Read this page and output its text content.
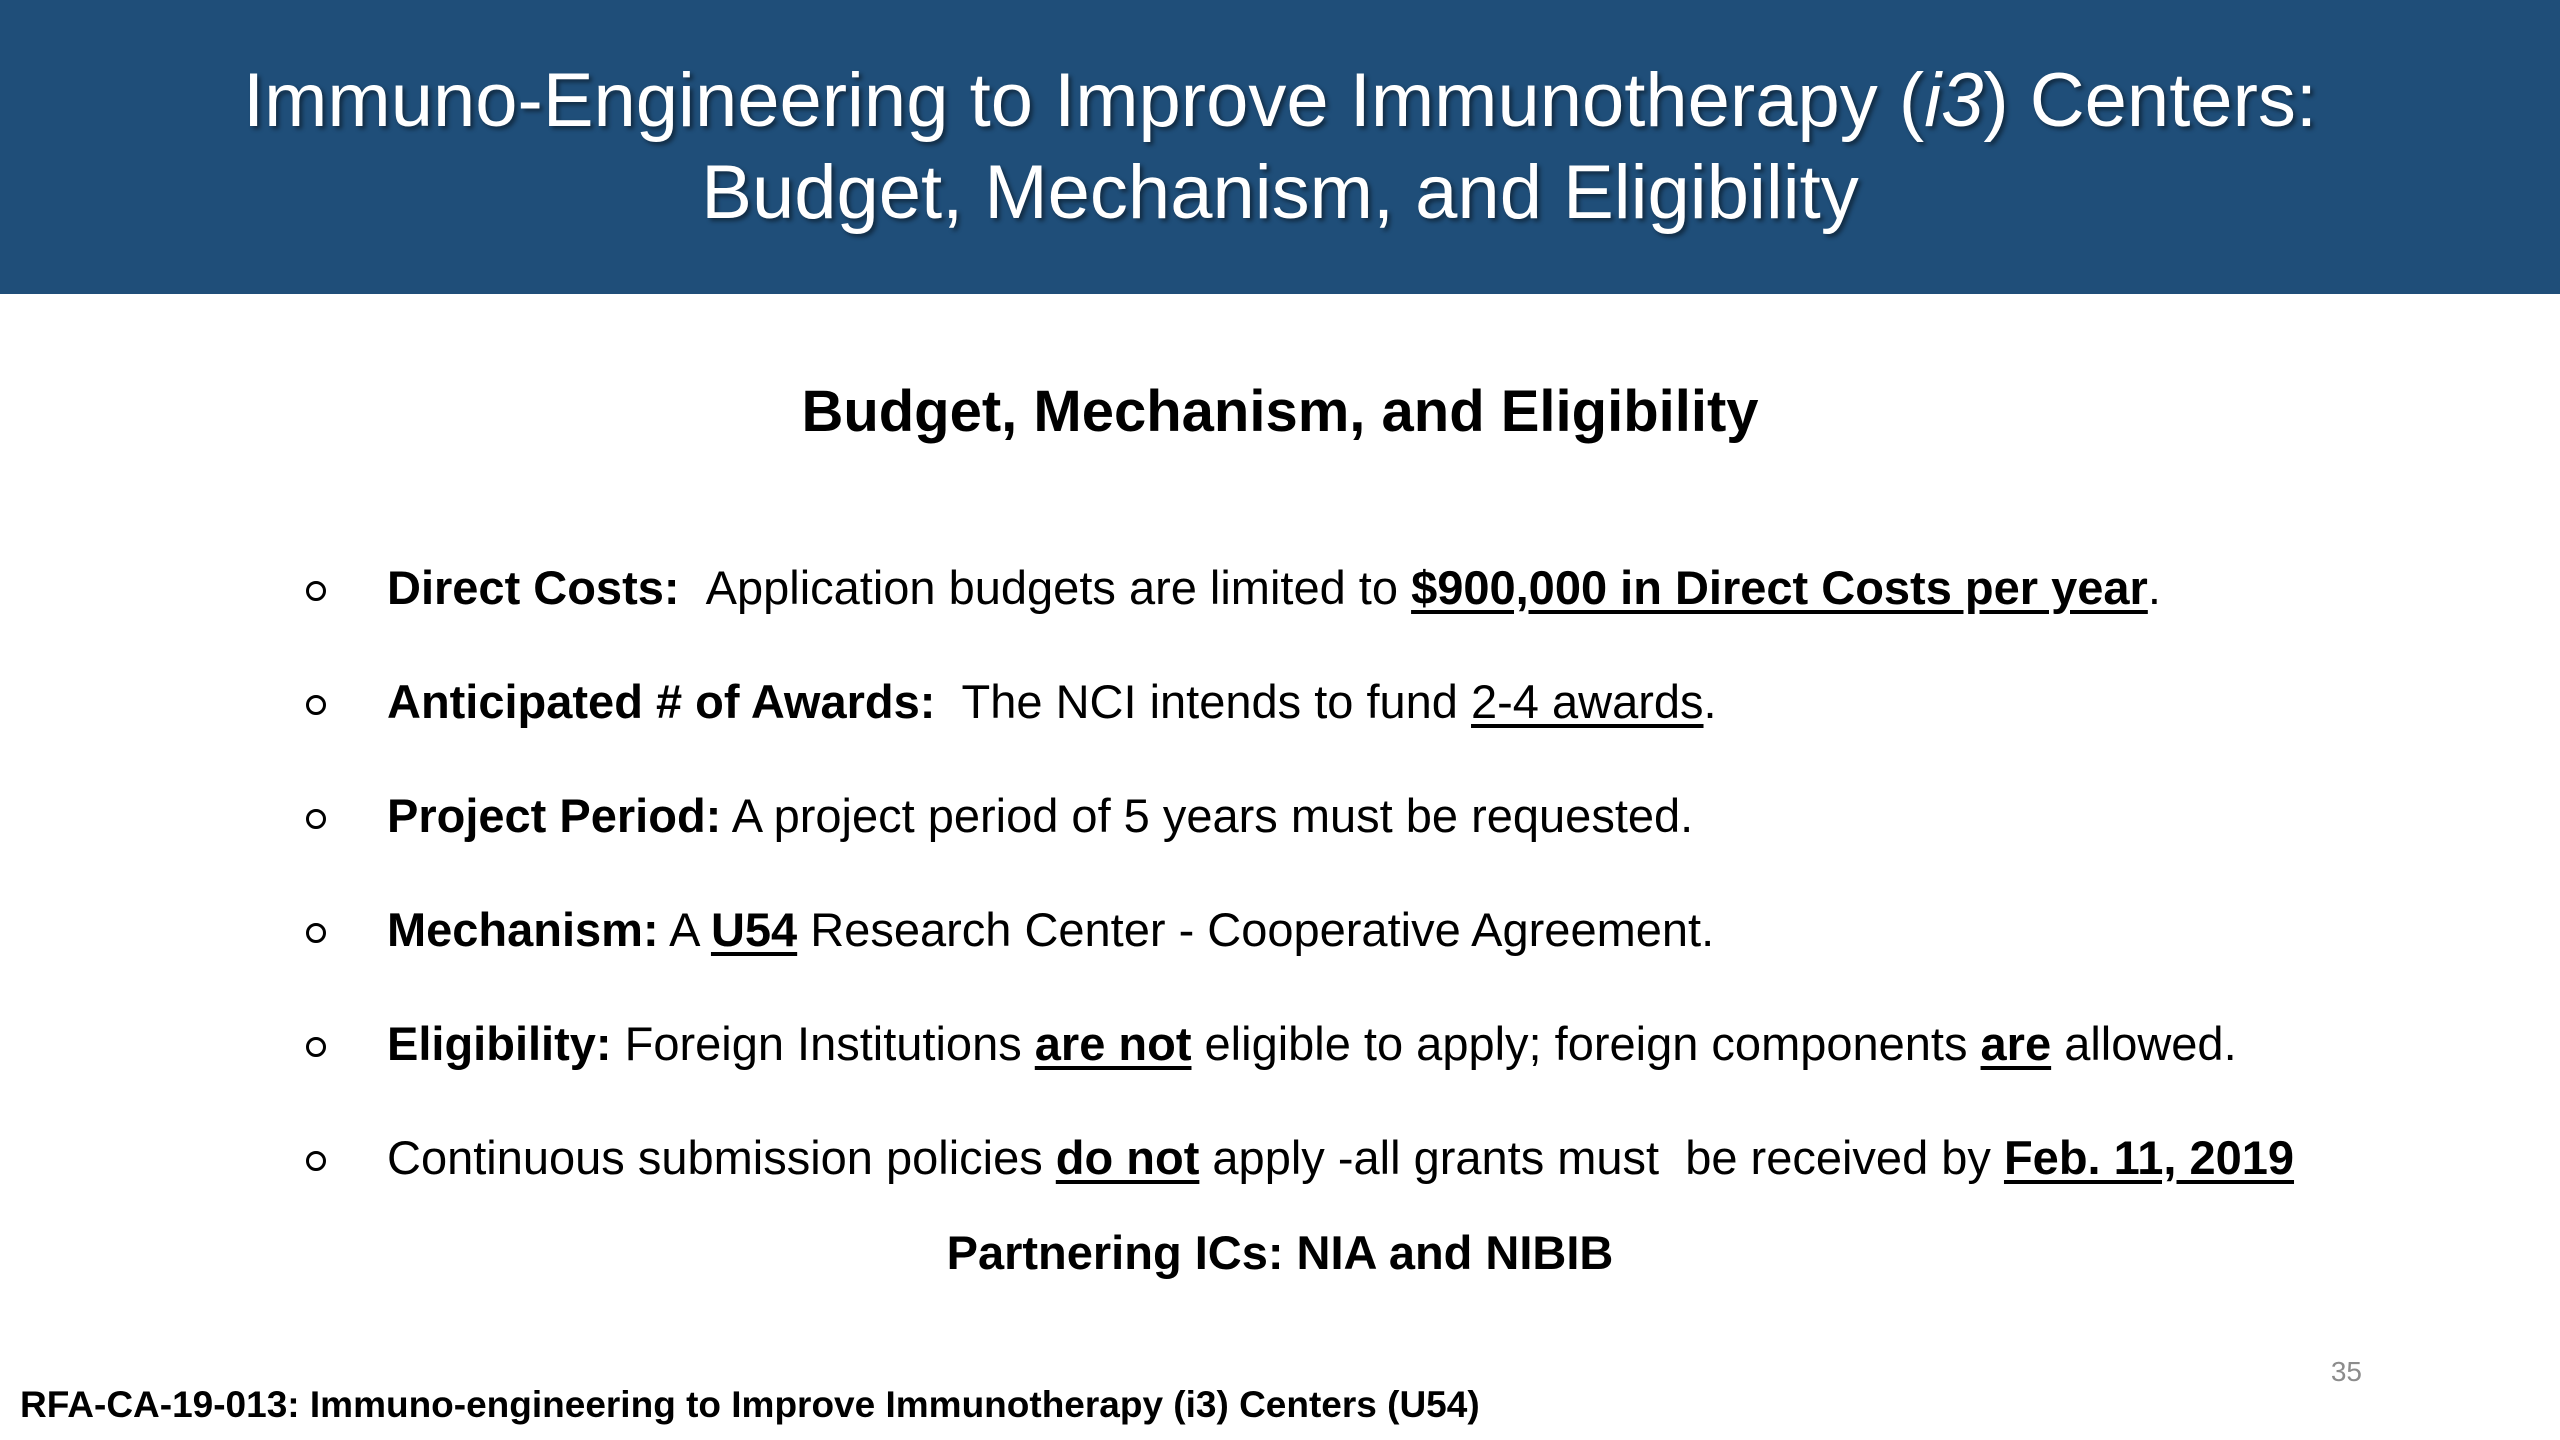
Immuno-Engineering to Improve Immunotherapy (i3) Centers:
Budget, Mechanism, and Eligibility
Budget, Mechanism, and Eligibility
Direct Costs: Application budgets are limited to $900,000 in Direct Costs per year.
Anticipated # of Awards: The NCI intends to fund 2-4 awards.
Project Period: A project period of 5 years must be requested.
Mechanism: A U54 Research Center - Cooperative Agreement.
Eligibility: Foreign Institutions are not eligible to apply; foreign components are allowed.
Continuous submission policies do not apply -all grants must  be received by Feb. 11, 2019
Partnering ICs: NIA and NIBIB
35
RFA-CA-19-013: Immuno-engineering to Improve Immunotherapy (i3) Centers (U54)
